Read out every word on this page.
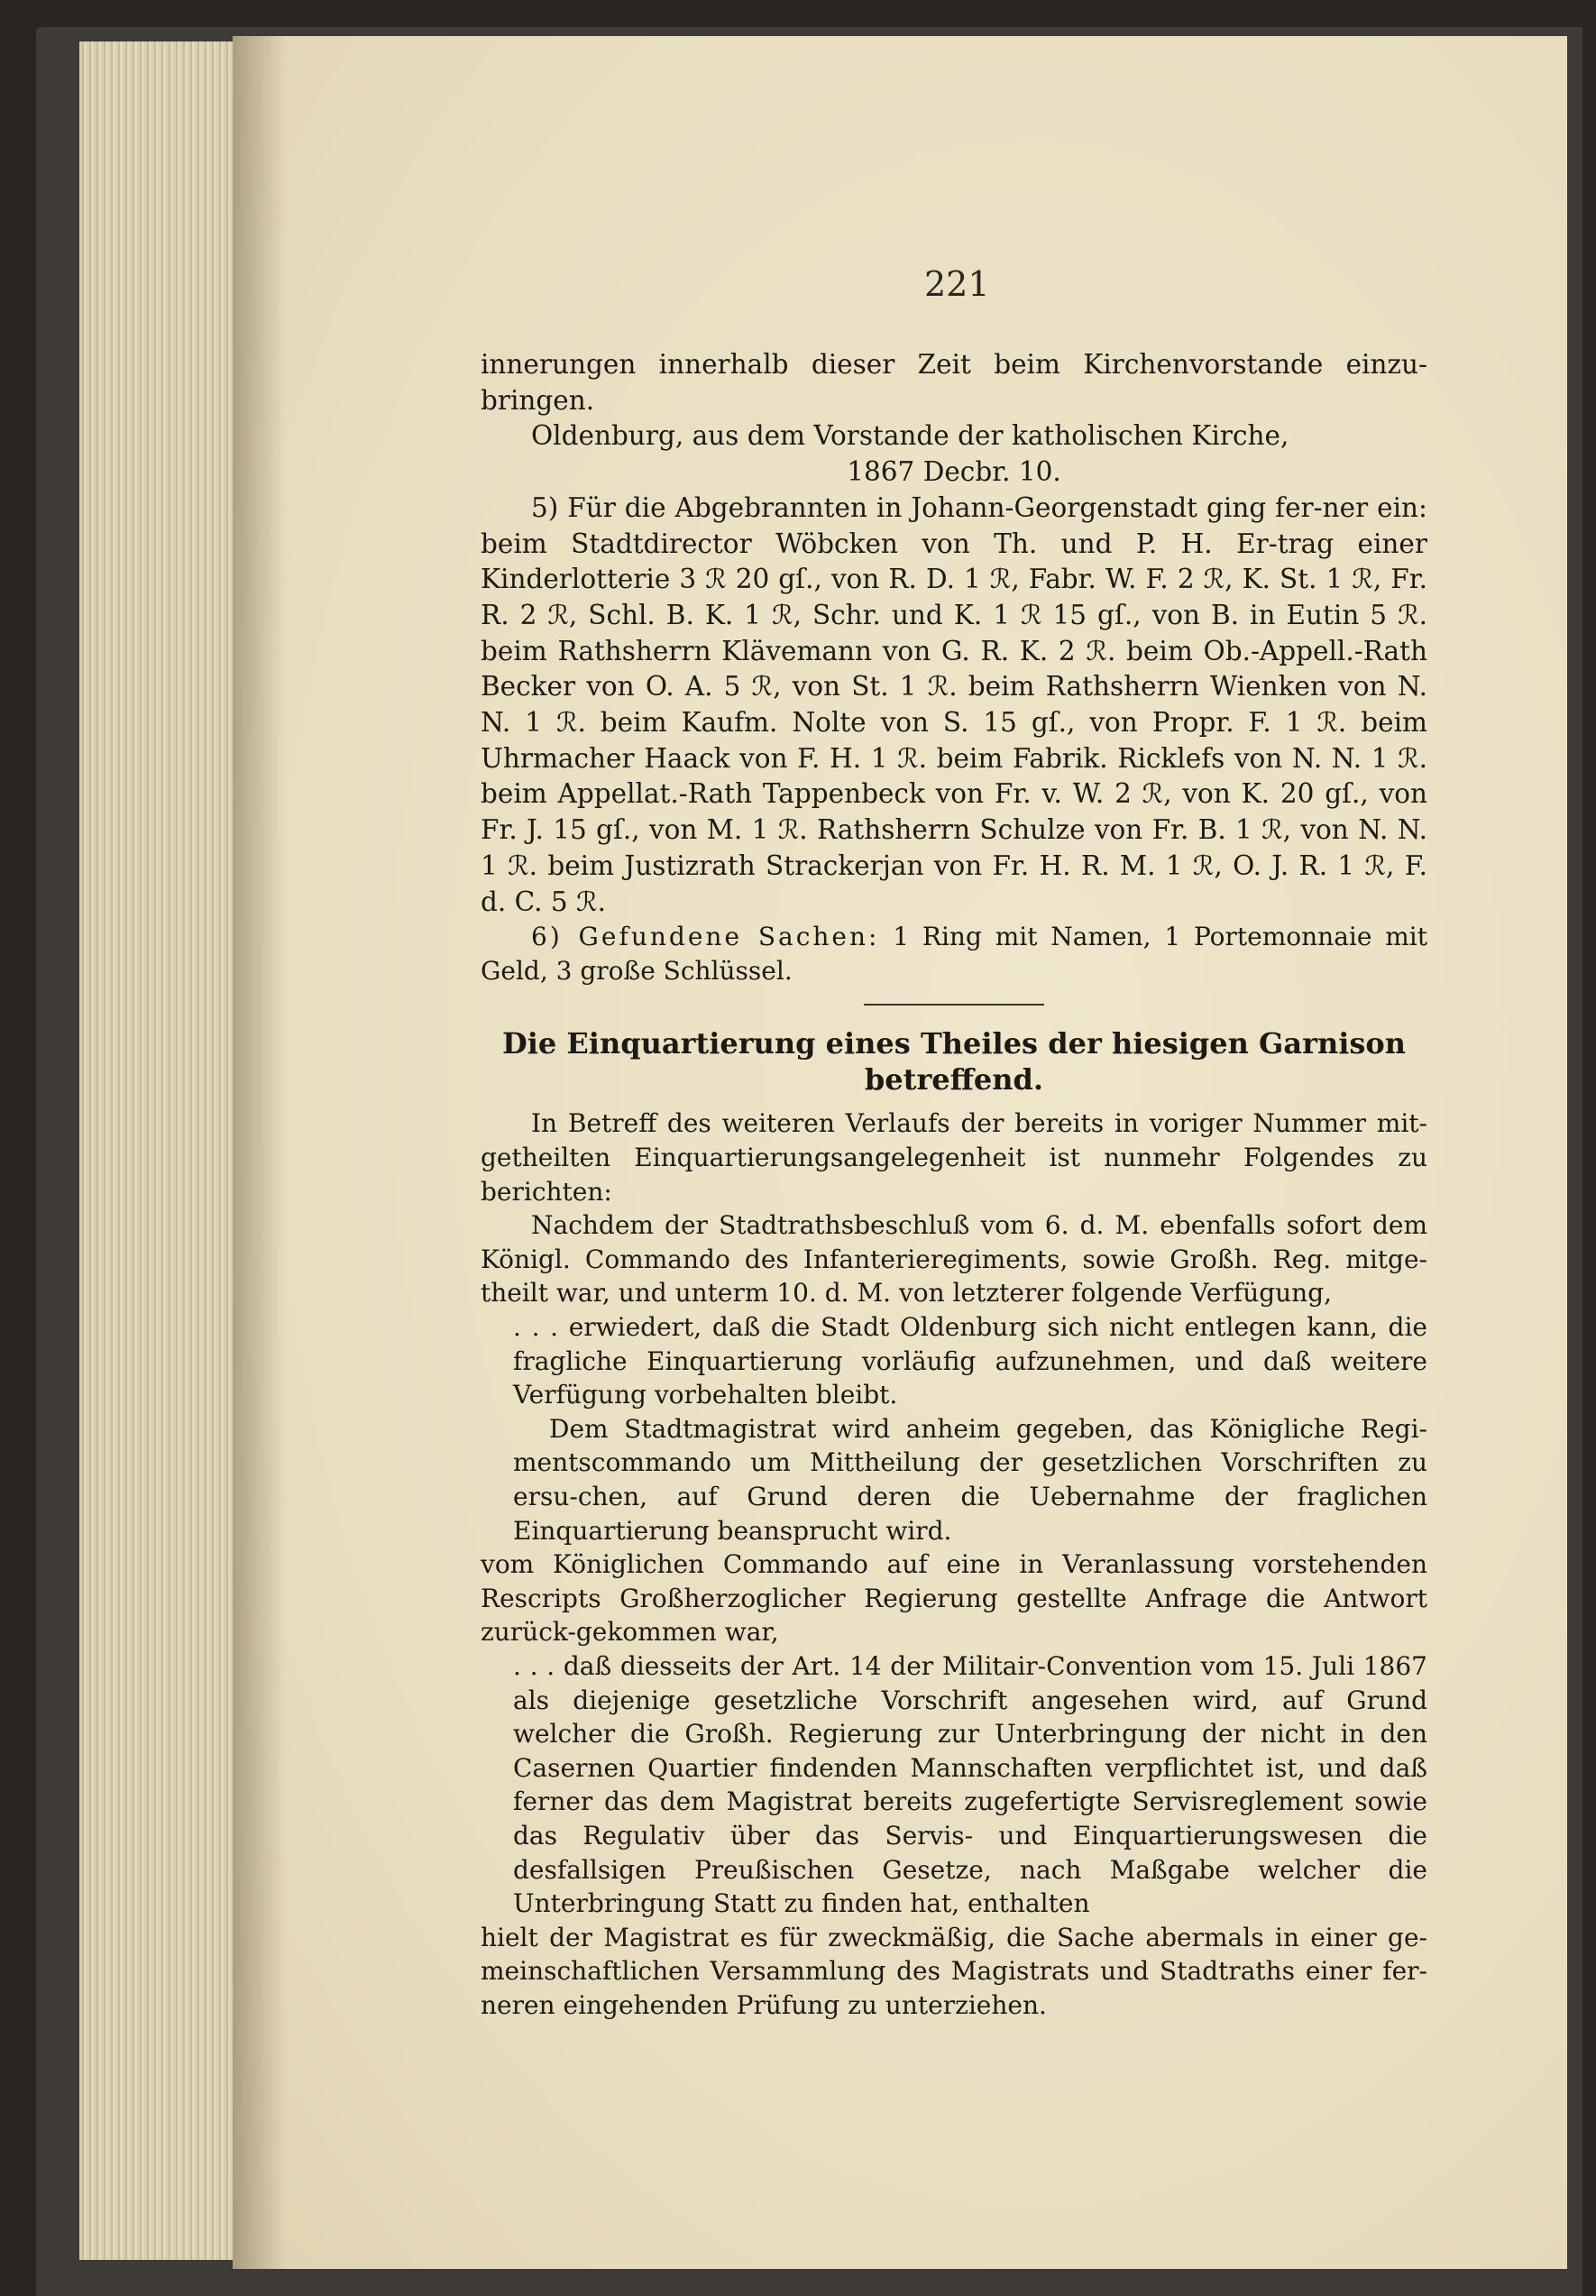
221

innerungen innerhalb dieser Zeit beim Kirchenvorstande einzu-bringen.

Oldenburg, aus dem Vorstande der katholischen Kirche,

1867 Decbr. 10.

5) Für die Abgebrannten in Johann-Georgenstadt ging fer-ner ein: beim Stadtdirector Wöbcken von Th. und P. H. Er-trag einer Kinderlotterie 3 ℛ 20 gſ., von R. D. 1 ℛ, Fabr. W. F. 2 ℛ, K. St. 1 ℛ, Fr. R. 2 ℛ, Schl. B. K. 1 ℛ, Schr. und K. 1 ℛ 15 gſ., von B. in Eutin 5 ℛ. beim Rathsherrn Klävemann von G. R. K. 2 ℛ. beim Ob.-Appell.-Rath Becker von O. A. 5 ℛ, von St. 1 ℛ. beim Rathsherrn Wienken von N. N. 1 ℛ. beim Kaufm. Nolte von S. 15 gſ., von Propr. F. 1 ℛ. beim Uhrmacher Haack von F. H. 1 ℛ. beim Fabrik. Ricklefs von N. N. 1 ℛ. beim Appellat.-Rath Tappenbeck von Fr. v. W. 2 ℛ, von K. 20 gſ., von Fr. J. 15 gſ., von M. 1 ℛ. Rathsherrn Schulze von Fr. B. 1 ℛ, von N. N. 1 ℛ. beim Justizrath Strackerjan von Fr. H. R. M. 1 ℛ, O. J. R. 1 ℛ, F. d. C. 5 ℛ.

6) Gefundene Sachen: 1 Ring mit Namen, 1 Portemonnaie mit Geld, 3 große Schlüssel.

Die Einquartierung eines Theiles der hiesigen Garnison betreffend.

In Betreff des weiteren Verlaufs der bereits in voriger Nummer mit-getheilten Einquartierungsangelegenheit ist nunmehr Folgendes zu berichten:

Nachdem der Stadtrathsbeschluß vom 6. d. M. ebenfalls sofort dem Königl. Commando des Infanterieregiments, sowie Großh. Reg. mitge-theilt war, und unterm 10. d. M. von letzterer folgende Verfügung,

. . . erwiedert, daß die Stadt Oldenburg sich nicht entlegen kann, die fragliche Einquartierung vorläufig aufzunehmen, und daß weitere Verfügung vorbehalten bleibt.

Dem Stadtmagistrat wird anheim gegeben, das Königliche Regi-mentscommando um Mittheilung der gesetzlichen Vorschriften zu ersu-chen, auf Grund deren die Uebernahme der fraglichen Einquartierung beansprucht wird.

vom Königlichen Commando auf eine in Veranlassung vorstehenden Rescripts Großherzoglicher Regierung gestellte Anfrage die Antwort zurück-gekommen war,

. . . daß diesseits der Art. 14 der Militair-Convention vom 15. Juli 1867 als diejenige gesetzliche Vorschrift angesehen wird, auf Grund welcher die Großh. Regierung zur Unterbringung der nicht in den Casernen Quartier findenden Mannschaften verpflichtet ist, und daß ferner das dem Magistrat bereits zugefertigte Servisreglement sowie das Regulativ über das Servis- und Einquartierungswesen die desfallsigen Preußischen Gesetze, nach Maßgabe welcher die Unterbringung Statt zu finden hat, enthalten

hielt der Magistrat es für zweckmäßig, die Sache abermals in einer ge-meinschaftlichen Versammlung des Magistrats und Stadtraths einer fer-neren eingehenden Prüfung zu unterziehen.
